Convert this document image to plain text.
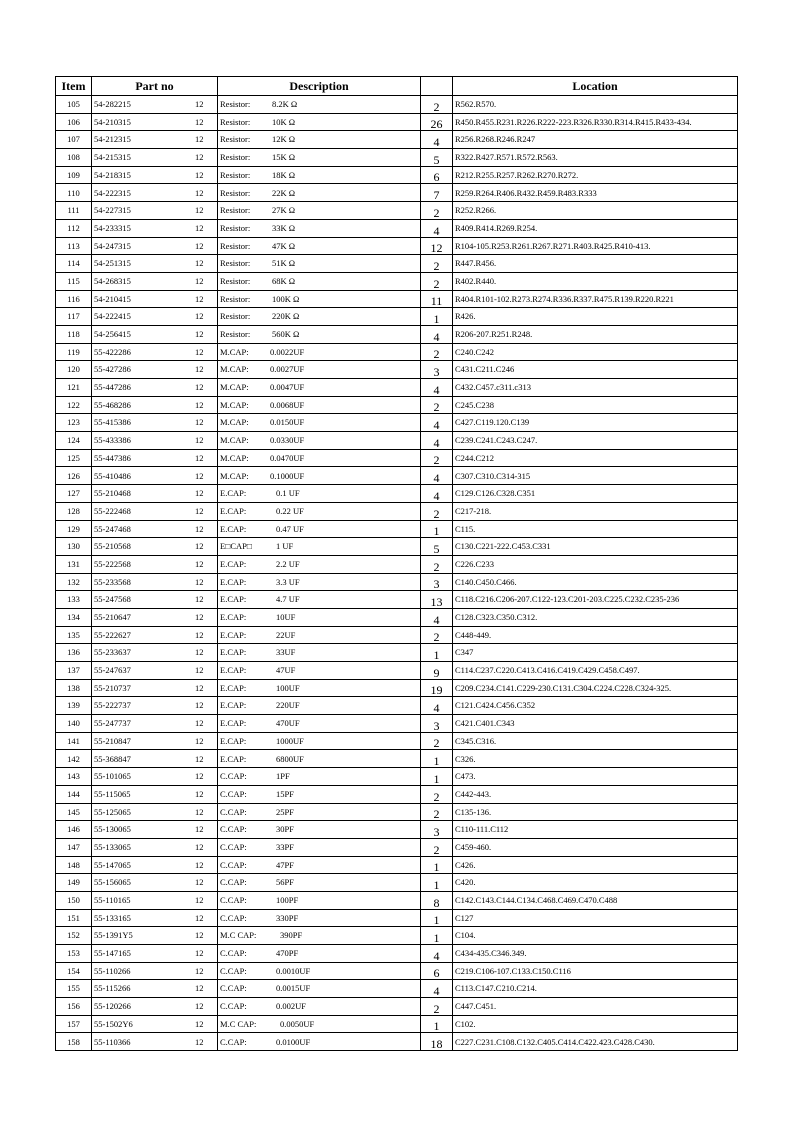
Item	Part no		Description		Location
105	54-282215	12	Resistor: 8.2K Ω	2	R562.R570.
106	54-210315	12	Resistor: 10K Ω	26	R450.R455.R231.R226.R222-223.R326.R330.R314.R415.R433-434.
107	54-212315	12	Resistor: 12K Ω	4	R256.R268.R246.R247
108	54-215315	12	Resistor: 15K Ω	5	R322.R427.R571.R572.R563.
109	54-218315	12	Resistor: 18K Ω	6	R212.R255.R257.R262.R270.R272.
110	54-222315	12	Resistor: 22K Ω	7	R259.R264.R406.R432.R459.R483.R333
111	54-227315	12	Resistor: 27K Ω	2	R252.R266.
112	54-233315	12	Resistor: 33K Ω	4	R409.R414.R269.R254.
113	54-247315	12	Resistor: 47K Ω	12	R104-105.R253.R261.R267.R271.R403.R425.R410-413.
114	54-251315	12	Resistor: 51K Ω	2	R447.R456.
115	54-268315	12	Resistor: 68K Ω	2	R402.R440.
116	54-210415	12	Resistor: 100K Ω	11	R404.R101-102.R273.R274.R336.R337.R475.R139.R220.R221
117	54-222415	12	Resistor: 220K Ω	1	R426.
118	54-256415	12	Resistor: 560K Ω	4	R206-207.R251.R248.
119	55-422286	12	M.CAP: 0.0022UF	2	C240.C242
120	55-427286	12	M.CAP: 0.0027UF	3	C431.C211.C246
121	55-447286	12	M.CAP: 0.0047UF	4	C432.C457.c311.c313
122	55-468286	12	M.CAP: 0.0068UF	2	C245.C238
123	55-415386	12	M.CAP: 0.0150UF	4	C427.C119.120.C139
124	55-433386	12	M.CAP: 0.0330UF	4	C239.C241.C243.C247.
125	55-447386	12	M.CAP: 0.0470UF	2	C244.C212
126	55-410486	12	M.CAP: 0.1000UF	4	C307.C310.C314-315
127	55-210468	12	E.CAP: 0.1 UF	4	C129.C126.C328.C351
128	55-222468	12	E.CAP: 0.22 UF	2	C217-218.
129	55-247468	12	E.CAP: 0.47 UF	1	C115.
130	55-210568	12	E□CAP□ 1 UF	5	C130.C221-222.C453.C331
131	55-222568	12	E.CAP: 2.2 UF	2	C226.C233
132	55-233568	12	E.CAP: 3.3 UF	3	C140.C450.C466.
133	55-247568	12	E.CAP: 4.7 UF	13	C118.C216.C206-207.C122-123.C201-203.C225.C232.C235-236
134	55-210647	12	E.CAP: 10UF	4	C128.C323.C350.C312.
135	55-222627	12	E.CAP: 22UF	2	C448-449.
136	55-233637	12	E.CAP: 33UF	1	C347
137	55-247637	12	E.CAP: 47UF	9	C114.C237.C220.C413.C416.C419.C429.C458.C497.
138	55-210737	12	E.CAP: 100UF	19	C209.C234.C141.C229-230.C131.C304.C224.C228.C324-325.
139	55-222737	12	E.CAP: 220UF	4	C121.C424.C456.C352
140	55-247737	12	E.CAP: 470UF	3	C421.C401.C343
141	55-210847	12	E.CAP: 1000UF	2	C345.C316.
142	55-368847	12	E.CAP: 6800UF	1	C326.
143	55-101065	12	C.CAP: 1PF	1	C473.
144	55-115065	12	C.CAP: 15PF	2	C442-443.
145	55-125065	12	C.CAP: 25PF	2	C135-136.
146	55-130065	12	C.CAP: 30PF	3	C110-111.C112
147	55-133065	12	C.CAP: 33PF	2	C459-460.
148	55-147065	12	C.CAP: 47PF	1	C426.
149	55-156065	12	C.CAP: 56PF	1	C420.
150	55-110165	12	C.CAP: 100PF	8	C142.C143.C144.C134.C468.C469.C470.C488
151	55-133165	12	C.CAP: 330PF	1	C127
152	55-1391Y5	12	M.C CAP: 390PF	1	C104.
153	55-147165	12	C.CAP: 470PF	4	C434-435.C346.349.
154	55-110266	12	C.CAP: 0.0010UF	6	C219.C106-107.C133.C150.C116
155	55-115266	12	C.CAP: 0.0015UF	4	C113.C147.C210.C214.
156	55-120266	12	C.CAP: 0.002UF	2	C447.C451.
157	55-1502Y6	12	M.C CAP: 0.0050UF	1	C102.
158	55-110366	12	C.CAP: 0.0100UF	18	C227.C231.C108.C132.C405.C414.C422.423.C428.C430.
